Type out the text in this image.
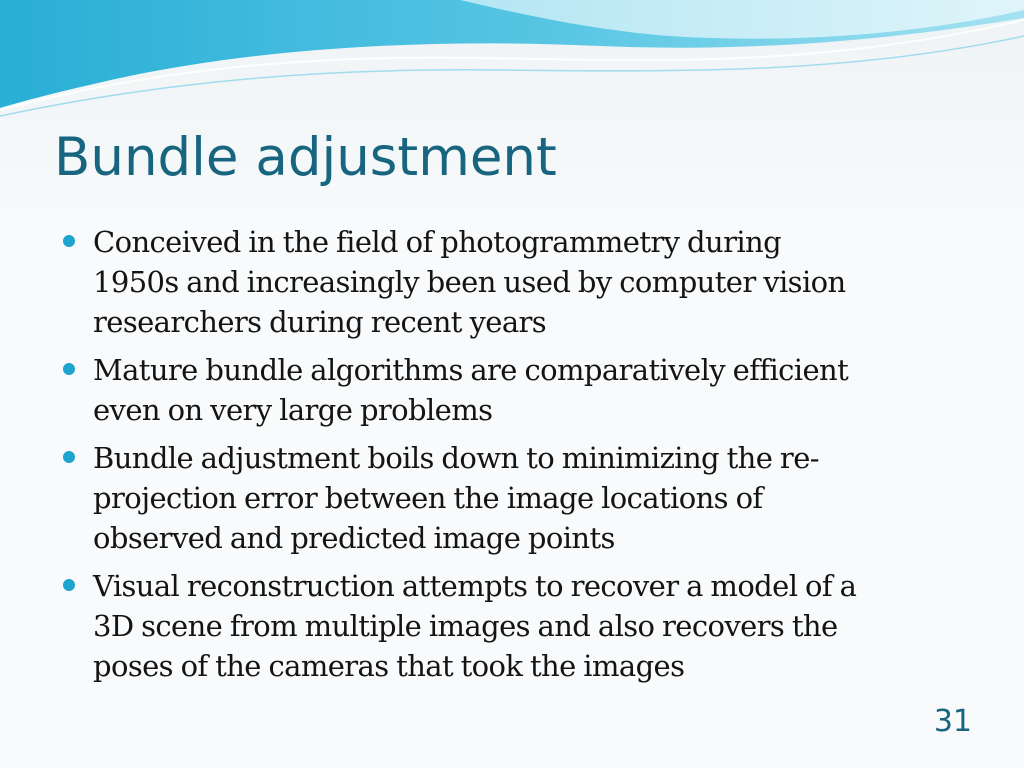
Bundle adjustment
Conceived in the field of photogrammetry during
1950s and increasingly been used by computer vision
researchers during recent years
Mature bundle algorithms are comparatively efficient
even on very large problems
Bundle adjustment boils down to minimizing the re-
projection error between the image locations of
observed and predicted image points
Visual reconstruction attempts to recover a model of a
3D scene from multiple images and also recovers the
poses of the cameras that took the images
31
